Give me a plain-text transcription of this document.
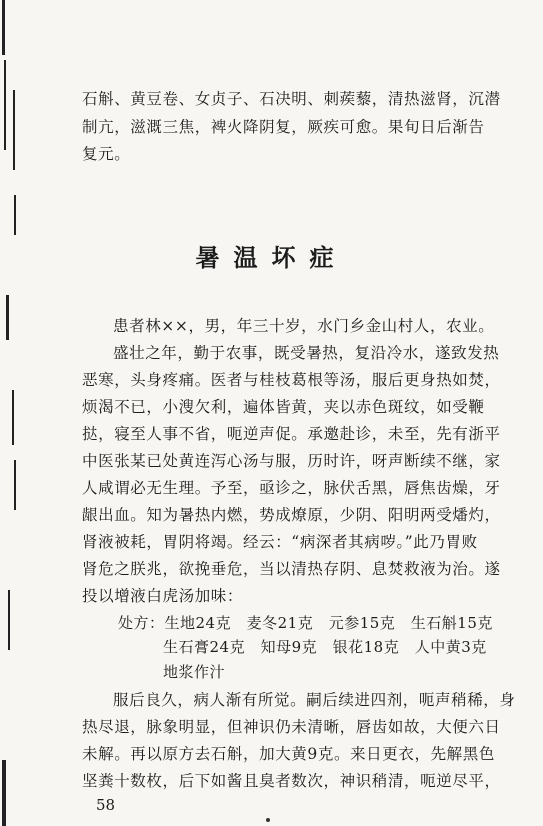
石斛、黄豆卷、女贞子、石决明、刺蒺藜，清热滋肾，沉潜
制亢，滋溉三焦，裨火降阴复，厥疾可愈。果旬日后渐告
复元。
暑温坏症
患者林××，男，年三十岁，水门乡金山村人，农业。
盛壮之年，勤于农事，既受暑热，复沿冷水，遂致发热
恶寒，头身疼痛。医者与桂枝葛根等汤，服后更身热如焚，
烦渴不已，小溲欠利，遍体皆黄，夹以赤色斑纹，如受鞭
挞，寝至人事不省，呃逆声促。承邀赴诊，未至，先有浙平
中医张某已处黄连泻心汤与服，历时许，呀声断续不继，家
人咸谓必无生理。予至，亟诊之，脉伏舌黑，唇焦齿燥，牙
龈出血。知为暑热内燃，势成燎原，少阴、阳明两受燔灼，
肾液被耗，胃阴将竭。经云：“病深者其病哕。”此乃胃败
肾危之朕兆，欲挽垂危，当以清热存阴、息焚救液为治。遂
投以增液白虎汤加味：
处方：生地24克　麦冬21克　元参15克　生石斛15克
生石膏24克　知母9克　银花18克　人中黄3克
地浆作汁
服后良久，病人渐有所觉。嗣后续进四剂，呃声稍稀，身
热尽退，脉象明显，但神识仍未清晰，唇齿如故，大便六日
未解。再以原方去石斛，加大黄9克。来日更衣，先解黑色
坚粪十数枚，后下如酱且臭者数次，神识稍清，呃逆尽平，
58
